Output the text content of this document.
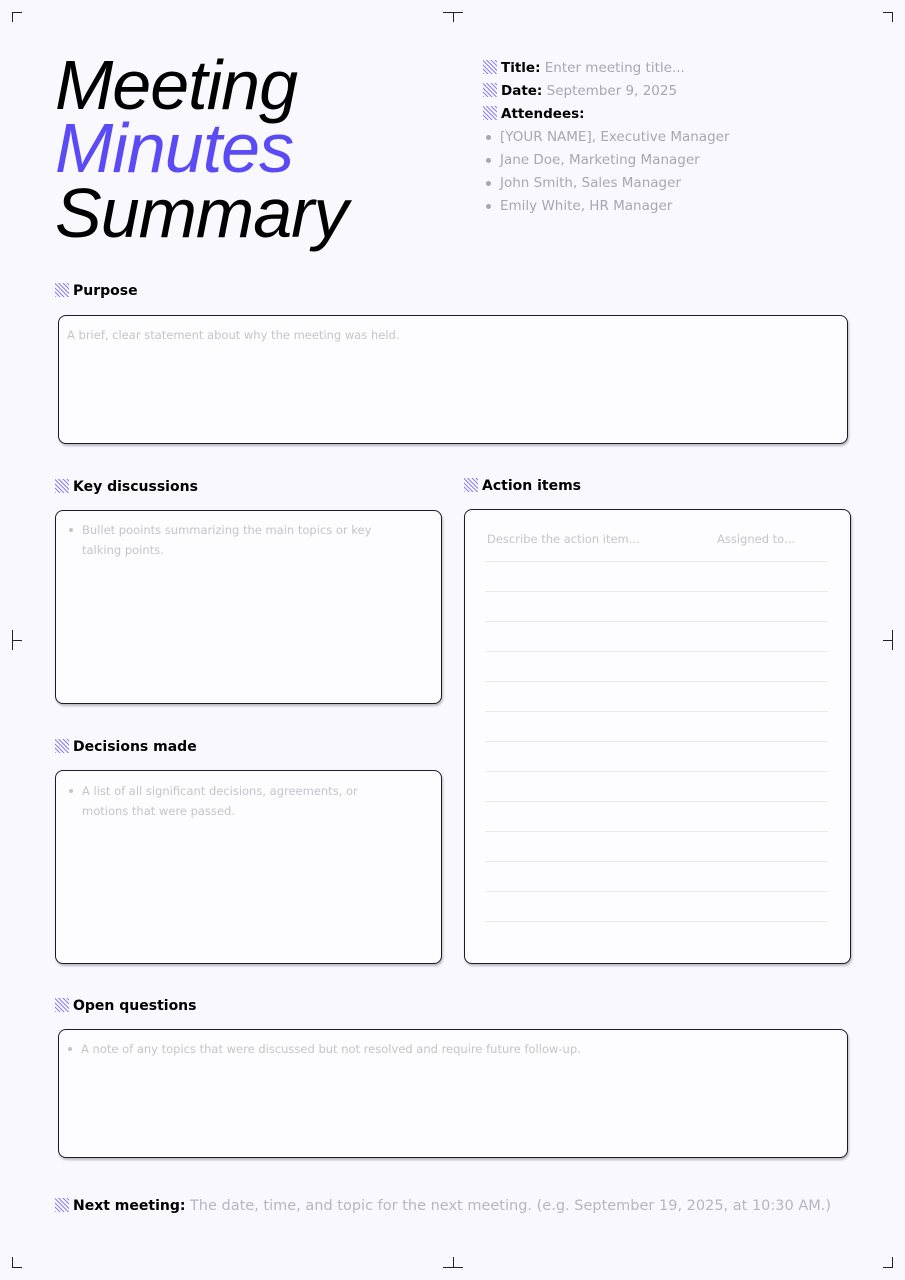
Meeting
Minutes
Summary
Title: Enter meeting title...
Date: September 9, 2025
Attendees:
[YOUR NAME], Executive Manager
Jane Doe, Marketing Manager
John Smith, Sales Manager
Emily White, HR Manager
Purpose
A brief, clear statement about why the meeting was held.
Key discussions
Bullet pooints summarizing the main topics or key talking points.
Decisions made
A list of all significant decisions, agreements, or motions that were passed.
Action items
Describe the action item...	Assigned to...
Open questions
A note of any topics that were discussed but not resolved and require future follow-up.
Next meeting: The date, time, and topic for the next meeting. (e.g. September 19, 2025, at 10:30 AM.)
